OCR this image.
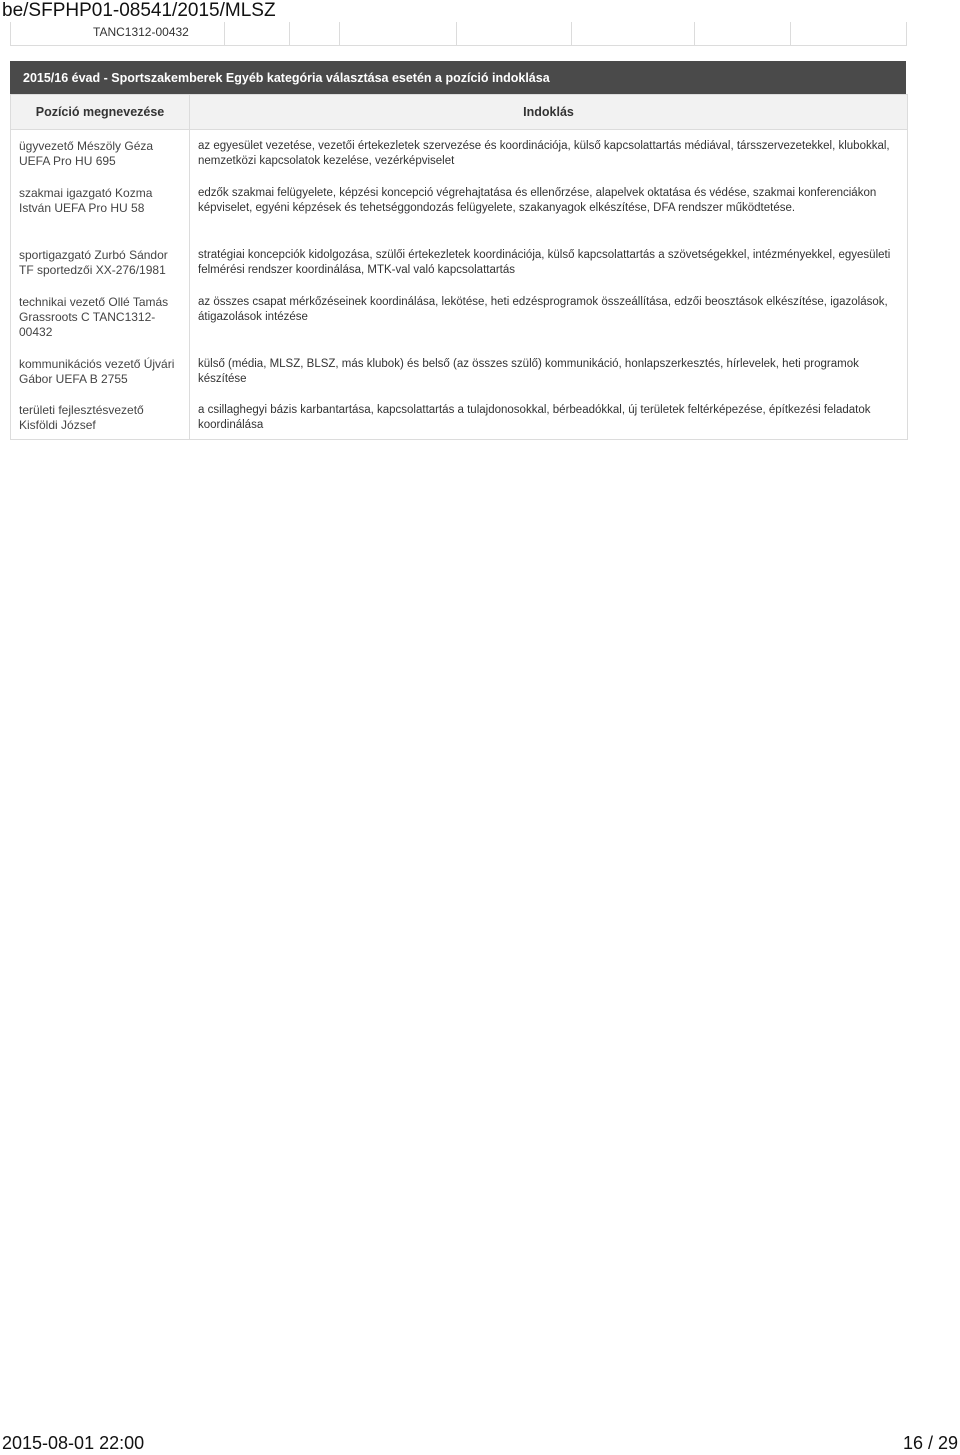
be/SFPHP01-08541/2015/MLSZ
TANC1312-00432
2015/16 évad - Sportszakemberek Egyéb kategória választása esetén a pozíció indoklása
Pozíció megnevezése	Indoklás

ügyvezető Mészöly Géza UEFA Pro HU 695	az egyesület vezetése, vezetői értekezletek szervezése és koordinációja, külső kapcsolattartás médiával, társszervezetekkel, klubokkal, nemzetközi kapcsolatok kezelése, vezérképviselet

szakmai igazgató Kozma István UEFA Pro HU 58	edzők szakmai felügyelete, képzési koncepció végrehajtatása és ellenőrzése, alapelvek oktatása és védése, szakmai konferenciákon képviselet, egyéni képzések és tehetséggondozás felügyelete, szakanyagok elkészítése, DFA rendszer működtetése.

sportigazgató Zurbó Sándor TF sportedzői XX-276/1981	stratégiai koncepciók kidolgozása, szülői értekezletek koordinációja, külső kapcsolattartás a szövetségekkel, intézményekkel, egyesületi felmérési rendszer koordinálása, MTK-val való kapcsolattartás

technikai vezető Ollé Tamás Grassroots C TANC1312-00432	az összes csapat mérkőzéseinek koordinálása, lekötése, heti edzésprogramok összeállítása, edzői beosztások elkészítése, igazolások, átigazolások intézése

kommunikációs vezető Újvári Gábor UEFA B 2755	külső (média, MLSZ, BLSZ, más klubok) és belső (az összes szülő) kommunikáció, honlapszerkesztés, hírlevelek, heti programok készítése

területi fejlesztésvezető Kisföldi József	a csillaghegyi bázis karbantartása, kapcsolattartás a tulajdonosokkal, bérbeadókkal, új területek feltérképezése, építkezési feladatok koordinálása
2015-08-01 22:00	16 / 29
